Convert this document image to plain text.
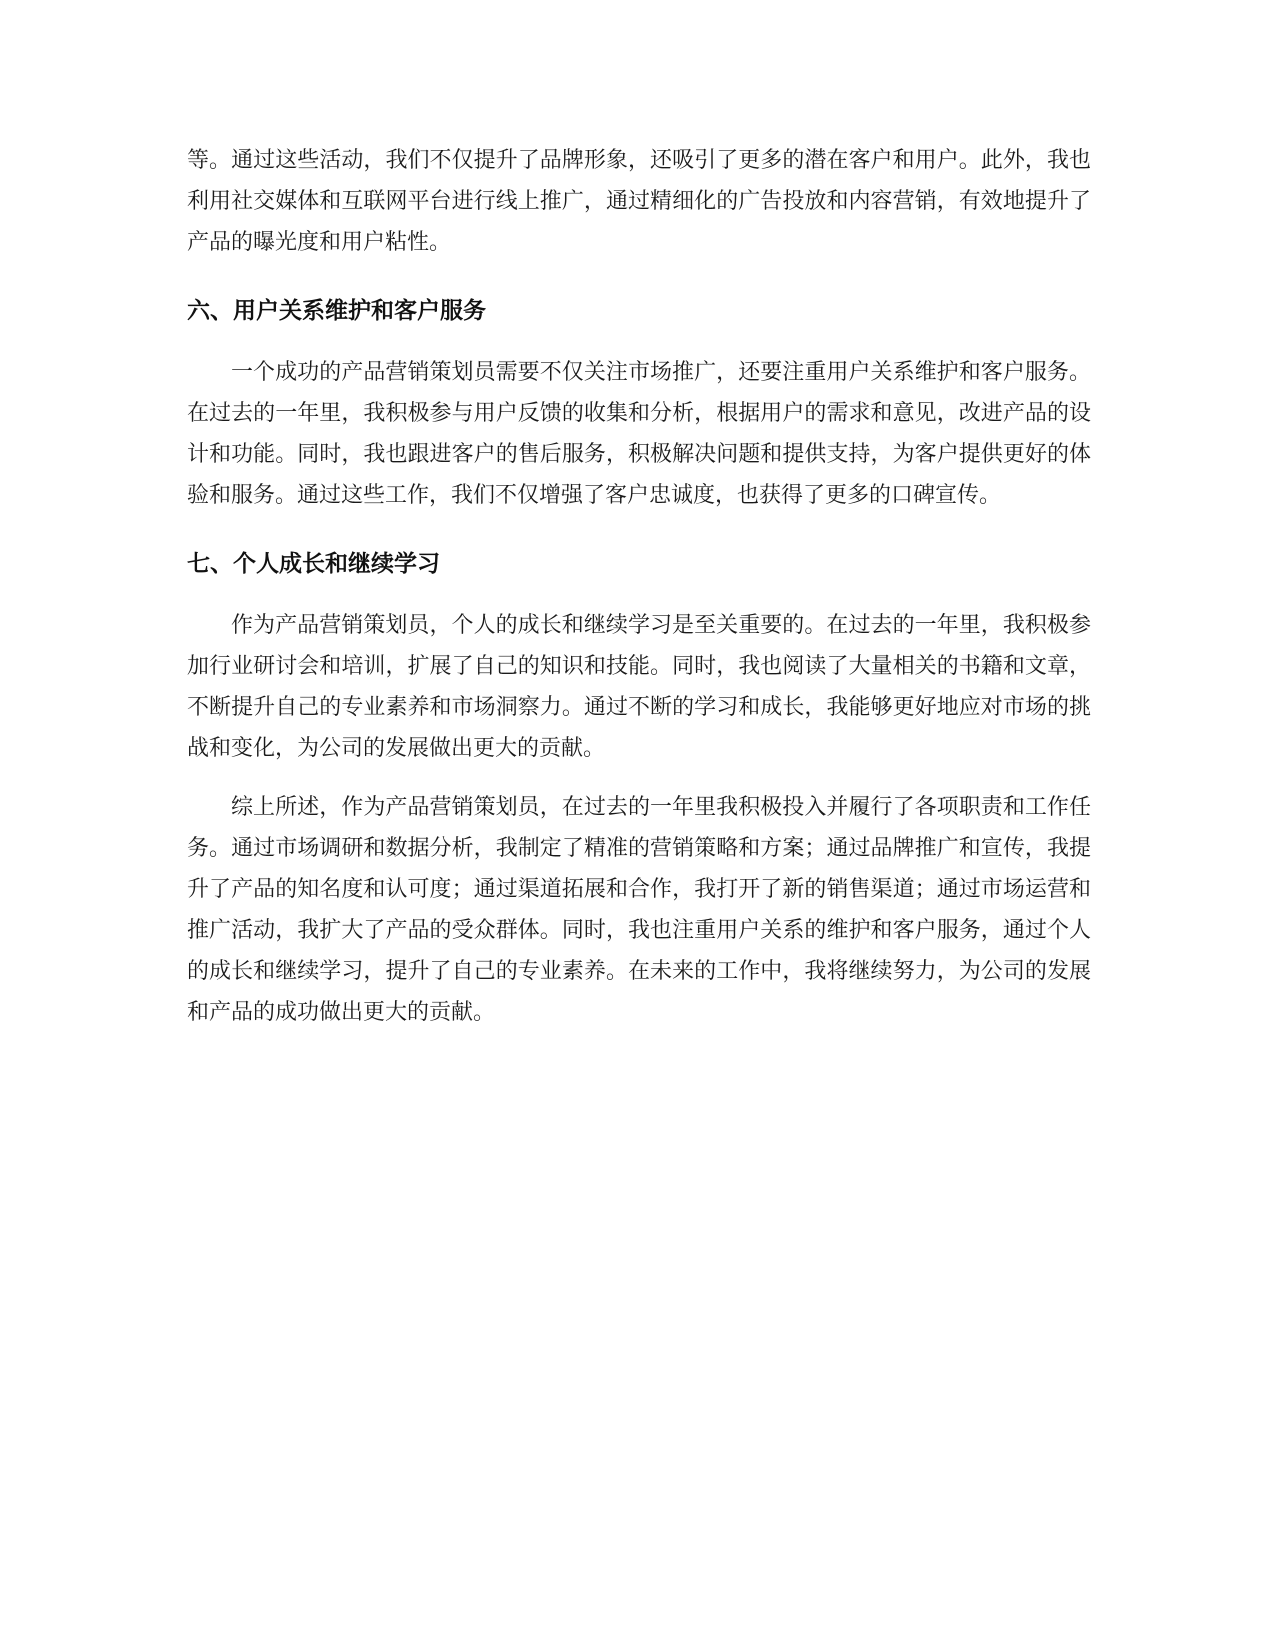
等。通过这些活动，我们不仅提升了品牌形象，还吸引了更多的潜在客户和用户。此外，我也利用社交媒体和互联网平台进行线上推广，通过精细化的广告投放和内容营销，有效地提升了产品的曝光度和用户粘性。

六、用户关系维护和客户服务

一个成功的产品营销策划员需要不仅关注市场推广，还要注重用户关系维护和客户服务。在过去的一年里，我积极参与用户反馈的收集和分析，根据用户的需求和意见，改进产品的设计和功能。同时，我也跟进客户的售后服务，积极解决问题和提供支持，为客户提供更好的体验和服务。通过这些工作，我们不仅增强了客户忠诚度，也获得了更多的口碑宣传。

七、个人成长和继续学习

作为产品营销策划员，个人的成长和继续学习是至关重要的。在过去的一年里，我积极参加行业研讨会和培训，扩展了自己的知识和技能。同时，我也阅读了大量相关的书籍和文章，不断提升自己的专业素养和市场洞察力。通过不断的学习和成长，我能够更好地应对市场的挑战和变化，为公司的发展做出更大的贡献。

综上所述，作为产品营销策划员，在过去的一年里我积极投入并履行了各项职责和工作任务。通过市场调研和数据分析，我制定了精准的营销策略和方案；通过品牌推广和宣传，我提升了产品的知名度和认可度；通过渠道拓展和合作，我打开了新的销售渠道；通过市场运营和推广活动，我扩大了产品的受众群体。同时，我也注重用户关系的维护和客户服务，通过个人的成长和继续学习，提升了自己的专业素养。在未来的工作中，我将继续努力，为公司的发展和产品的成功做出更大的贡献。
